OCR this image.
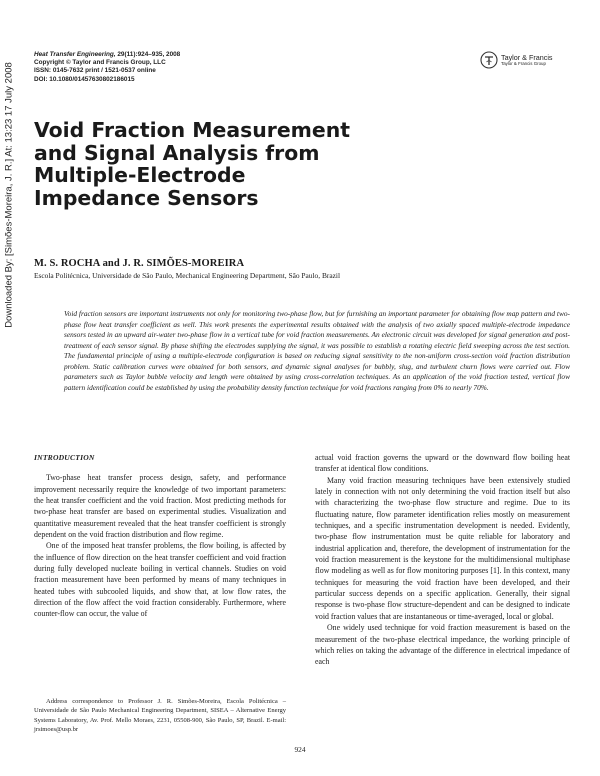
Downloaded By: [Simões-Moreira, J. R.] At: 13:23 17 July 2008
Heat Transfer Engineering, 29(11):924–935, 2008
Copyright © Taylor and Francis Group, LLC
ISSN: 0145-7632 print / 1521-0537 online
DOI: 10.1080/01457630802186015
Taylor & Francis
Taylor & Francis Group
Void Fraction Measurement
and Signal Analysis from
Multiple-Electrode
Impedance Sensors
M. S. ROCHA and J. R. SIMÕES-MOREIRA
Escola Politécnica, Universidade de São Paulo, Mechanical Engineering Department, São Paulo, Brazil

Void fraction sensors are important instruments not only for monitoring two-phase flow, but for furnishing an important parameter for obtaining flow map pattern and two-phase flow heat transfer coefficient as well. This work presents the experimental results obtained with the analysis of two axially spaced multiple-electrode impedance sensors tested in an upward air-water two-phase flow in a vertical tube for void fraction measurements. An electronic circuit was developed for signal generation and post-treatment of each sensor signal. By phase shifting the electrodes supplying the signal, it was possible to establish a rotating electric field sweeping across the test section. The fundamental principle of using a multiple-electrode configuration is based on reducing signal sensitivity to the non-uniform cross-section void fraction distribution problem. Static calibration curves were obtained for both sensors, and dynamic signal analyses for bubbly, slug, and turbulent churn flows were carried out. Flow parameters such as Taylor bubble velocity and length were obtained by using cross-correlation techniques. As an application of the void fraction tested, vertical flow pattern identification could be established by using the probability density function technique for void fractions ranging from 0% to nearly 70%.

INTRODUCTION

Two-phase heat transfer process design, safety, and performance improvement necessarily require the knowledge of two important parameters: the heat transfer coefficient and the void fraction. Most predicting methods for two-phase heat transfer are based on experimental studies. Visualization and quantitative measurement revealed that the heat transfer coefficient is strongly dependent on the void fraction distribution and flow regime.

One of the imposed heat transfer problems, the flow boiling, is affected by the influence of flow direction on the heat transfer coefficient and void fraction during fully developed nucleate boiling in vertical channels. Studies on void fraction measurement have been performed by means of many techniques in heated tubes with subcooled liquids, and show that, at low flow rates, the direction of the flow affect the void fraction considerably. Furthermore, where counter-flow can occur, the value of

actual void fraction governs the upward or the downward flow boiling heat transfer at identical flow conditions.

Many void fraction measuring techniques have been extensively studied lately in connection with not only determining the void fraction itself but also with characterizing the two-phase flow structure and regime. Due to its fluctuating nature, flow parameter identification relies mostly on measurement techniques, and a specific instrumentation development is needed. Evidently, two-phase flow instrumentation must be quite reliable for laboratory and industrial application and, therefore, the development of instrumentation for the void fraction measurement is the keystone for the multidimensional multiphase flow modeling as well as for flow monitoring purposes [1]. In this context, many techniques for measuring the void fraction have been developed, and their particular success depends on a specific application. Generally, their signal response is two-phase flow structure-dependent and can be designed to indicate void fraction values that are instantaneous or time-averaged, local or global.

One widely used technique for void fraction measurement is based on the measurement of the two-phase electrical impedance, the working principle of which relies on taking the advantage of the difference in electrical impedance of each

Address correspondence to Professor J. R. Simões-Moreira, Escola Politécnica – Universidade de São Paulo Mechanical Engineering Department, SISEA – Alternative Energy Systems Laboratory, Av. Prof. Mello Moraes, 2231, 05508-900, São Paulo, SP, Brazil. E-mail: jrsimoes@usp.br
924
